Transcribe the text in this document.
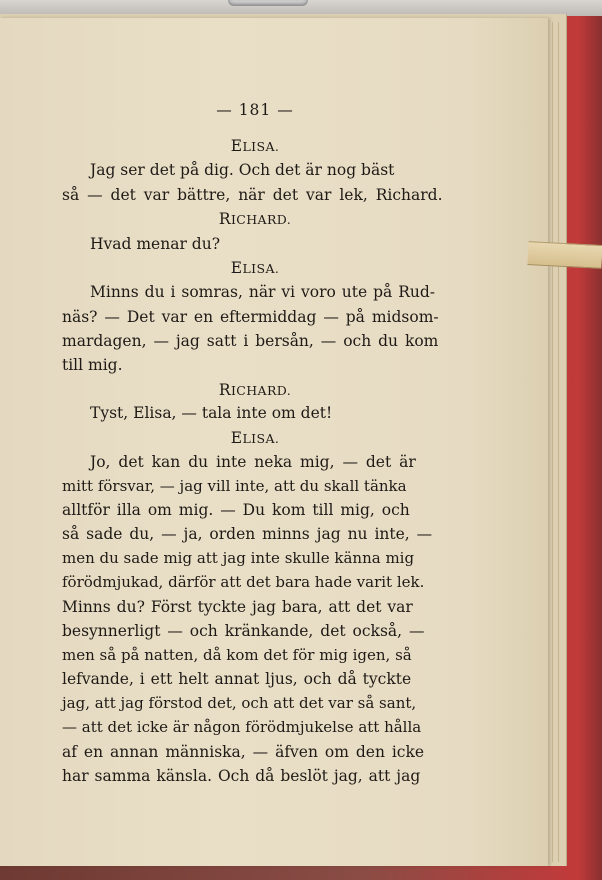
— 181 —
ELISA.
Jag ser det på dig. Och det är nog bäst
så — det var bättre, när det var lek, Richard.
RICHARD.
Hvad menar du?
ELISA.
Minns du i somras, när vi voro ute på Rud-
näs? — Det var en eftermiddag — på midsom-
mardagen, — jag satt i bersån, — och du kom
till mig.
RICHARD.
Tyst, Elisa, — tala inte om det!
ELISA.
Jo, det kan du inte neka mig, — det är
mitt försvar, — jag vill inte, att du skall tänka
alltför illa om mig. — Du kom till mig, och
så sade du, — ja, orden minns jag nu inte, —
men du sade mig att jag inte skulle känna mig
förödmjukad, därför att det bara hade varit lek.
Minns du? Först tyckte jag bara, att det var
besynnerligt — och kränkande, det också, —
men så på natten, då kom det för mig igen, så
lefvande, i ett helt annat ljus, och då tyckte
jag, att jag förstod det, och att det var så sant,
— att det icke är någon förödmjukelse att hålla
af en annan människa, — äfven om den icke
har samma känsla. Och då beslöt jag, att jag
